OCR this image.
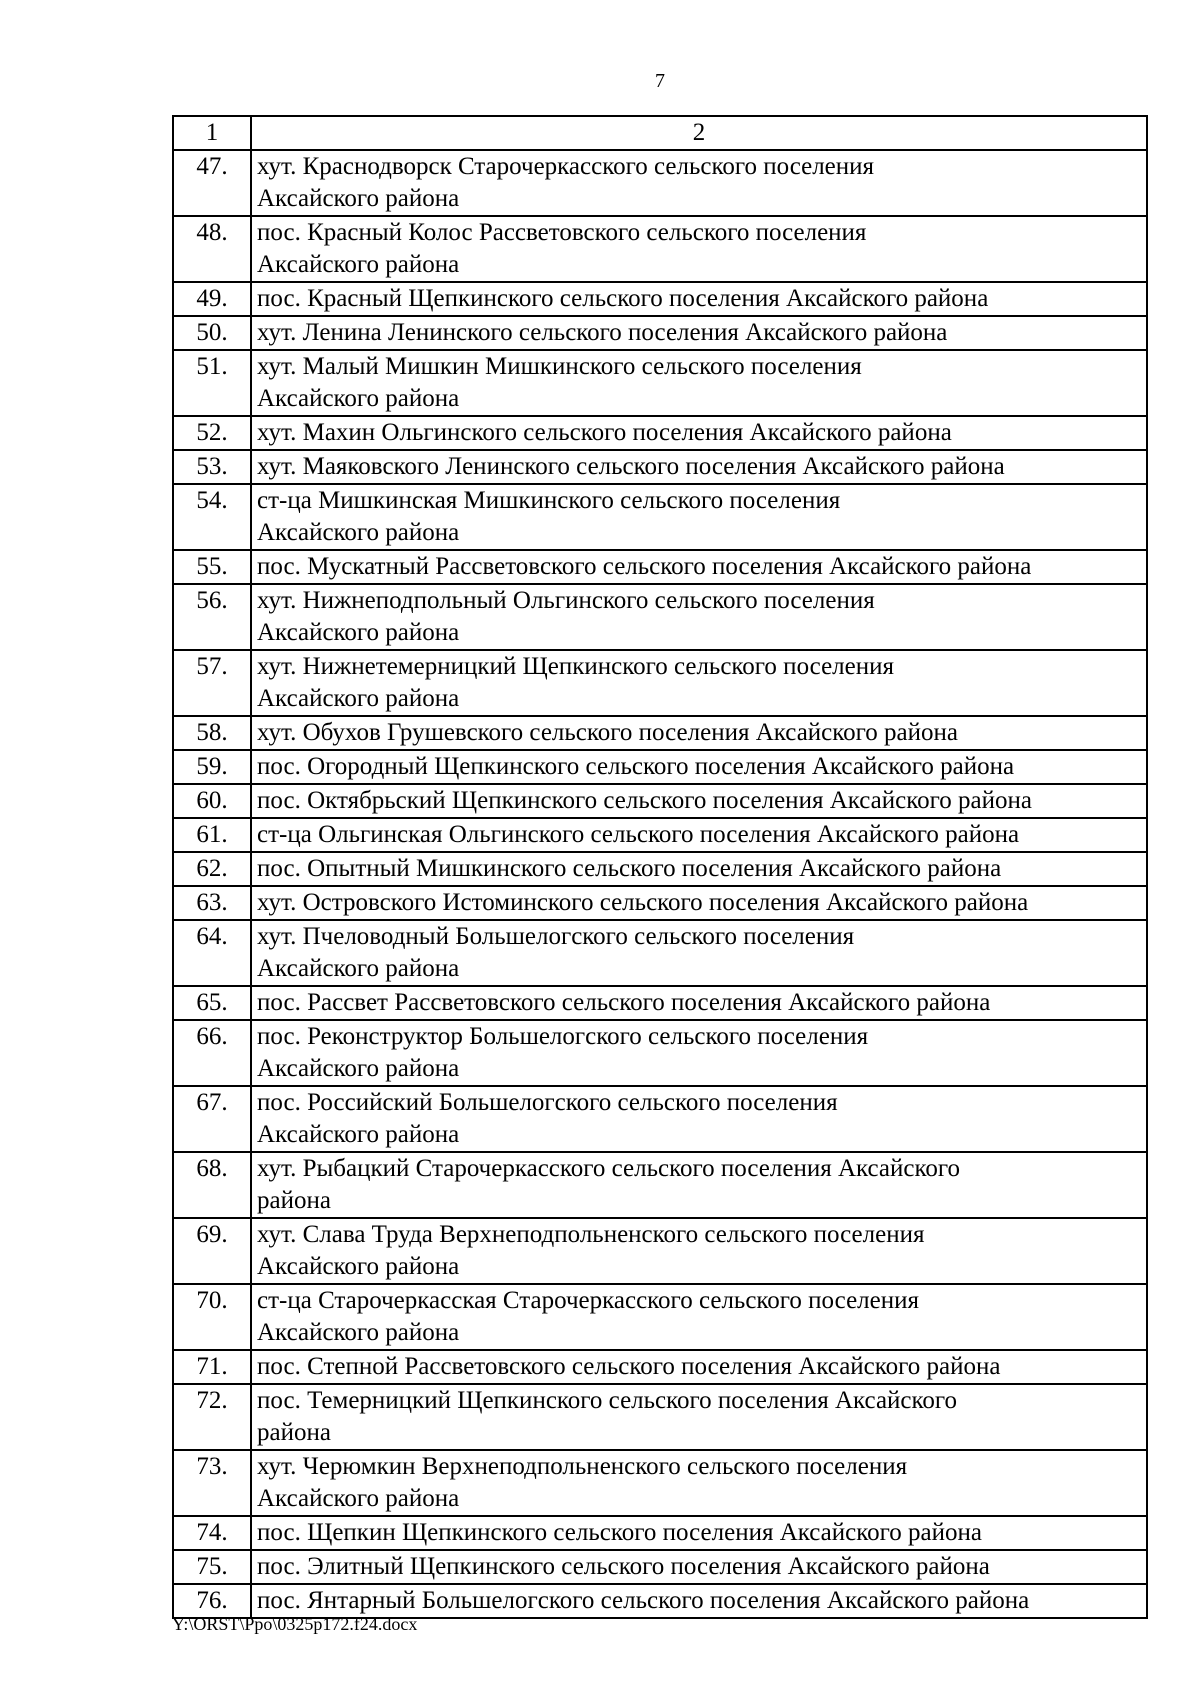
7
1	2
47.	хут. Краснодворск Старочеркасского сельского поселения
Аксайского района
48.	пос. Красный Колос Рассветовского сельского поселения
Аксайского района
49.	пос. Красный Щепкинского сельского поселения Аксайского района
50.	хут. Ленина Ленинского сельского поселения Аксайского района
51.	хут. Малый Мишкин Мишкинского сельского поселения
Аксайского района
52.	хут. Махин Ольгинского сельского поселения Аксайского района
53.	хут. Маяковского Ленинского сельского поселения Аксайского района
54.	ст-ца Мишкинская Мишкинского сельского поселения
Аксайского района
55.	пос. Мускатный Рассветовского сельского поселения Аксайского района
56.	хут. Нижнеподпольный Ольгинского сельского поселения
Аксайского района
57.	хут. Нижнетемерницкий Щепкинского сельского поселения
Аксайского района
58.	хут. Обухов Грушевского сельского поселения Аксайского района
59.	пос. Огородный Щепкинского сельского поселения Аксайского района
60.	пос. Октябрьский Щепкинского сельского поселения Аксайского района
61.	ст-ца Ольгинская Ольгинского сельского поселения Аксайского района
62.	пос. Опытный Мишкинского сельского поселения Аксайского района
63.	хут. Островского Истоминского сельского поселения Аксайского района
64.	хут. Пчеловодный Большелогского сельского поселения
Аксайского района
65.	пос. Рассвет Рассветовского сельского поселения Аксайского района
66.	пос. Реконструктор Большелогского сельского поселения
Аксайского района
67.	пос. Российский Большелогского сельского поселения
Аксайского района
68.	хут. Рыбацкий Старочеркасского сельского поселения Аксайского
района
69.	хут. Слава Труда Верхнеподпольненского сельского поселения
Аксайского района
70.	ст-ца Старочеркасская Старочеркасского сельского поселения
Аксайского района
71.	пос. Степной Рассветовского сельского поселения Аксайского района
72.	пос. Темерницкий Щепкинского сельского поселения Аксайского
района
73.	хут. Черюмкин Верхнеподпольненского сельского поселения
Аксайского района
74.	пос. Щепкин Щепкинского сельского поселения Аксайского района
75.	пос. Элитный Щепкинского сельского поселения Аксайского района
76.	пос. Янтарный Большелогского сельского поселения Аксайского района
Y:\ORST\Ppo\0325p172.f24.docx
